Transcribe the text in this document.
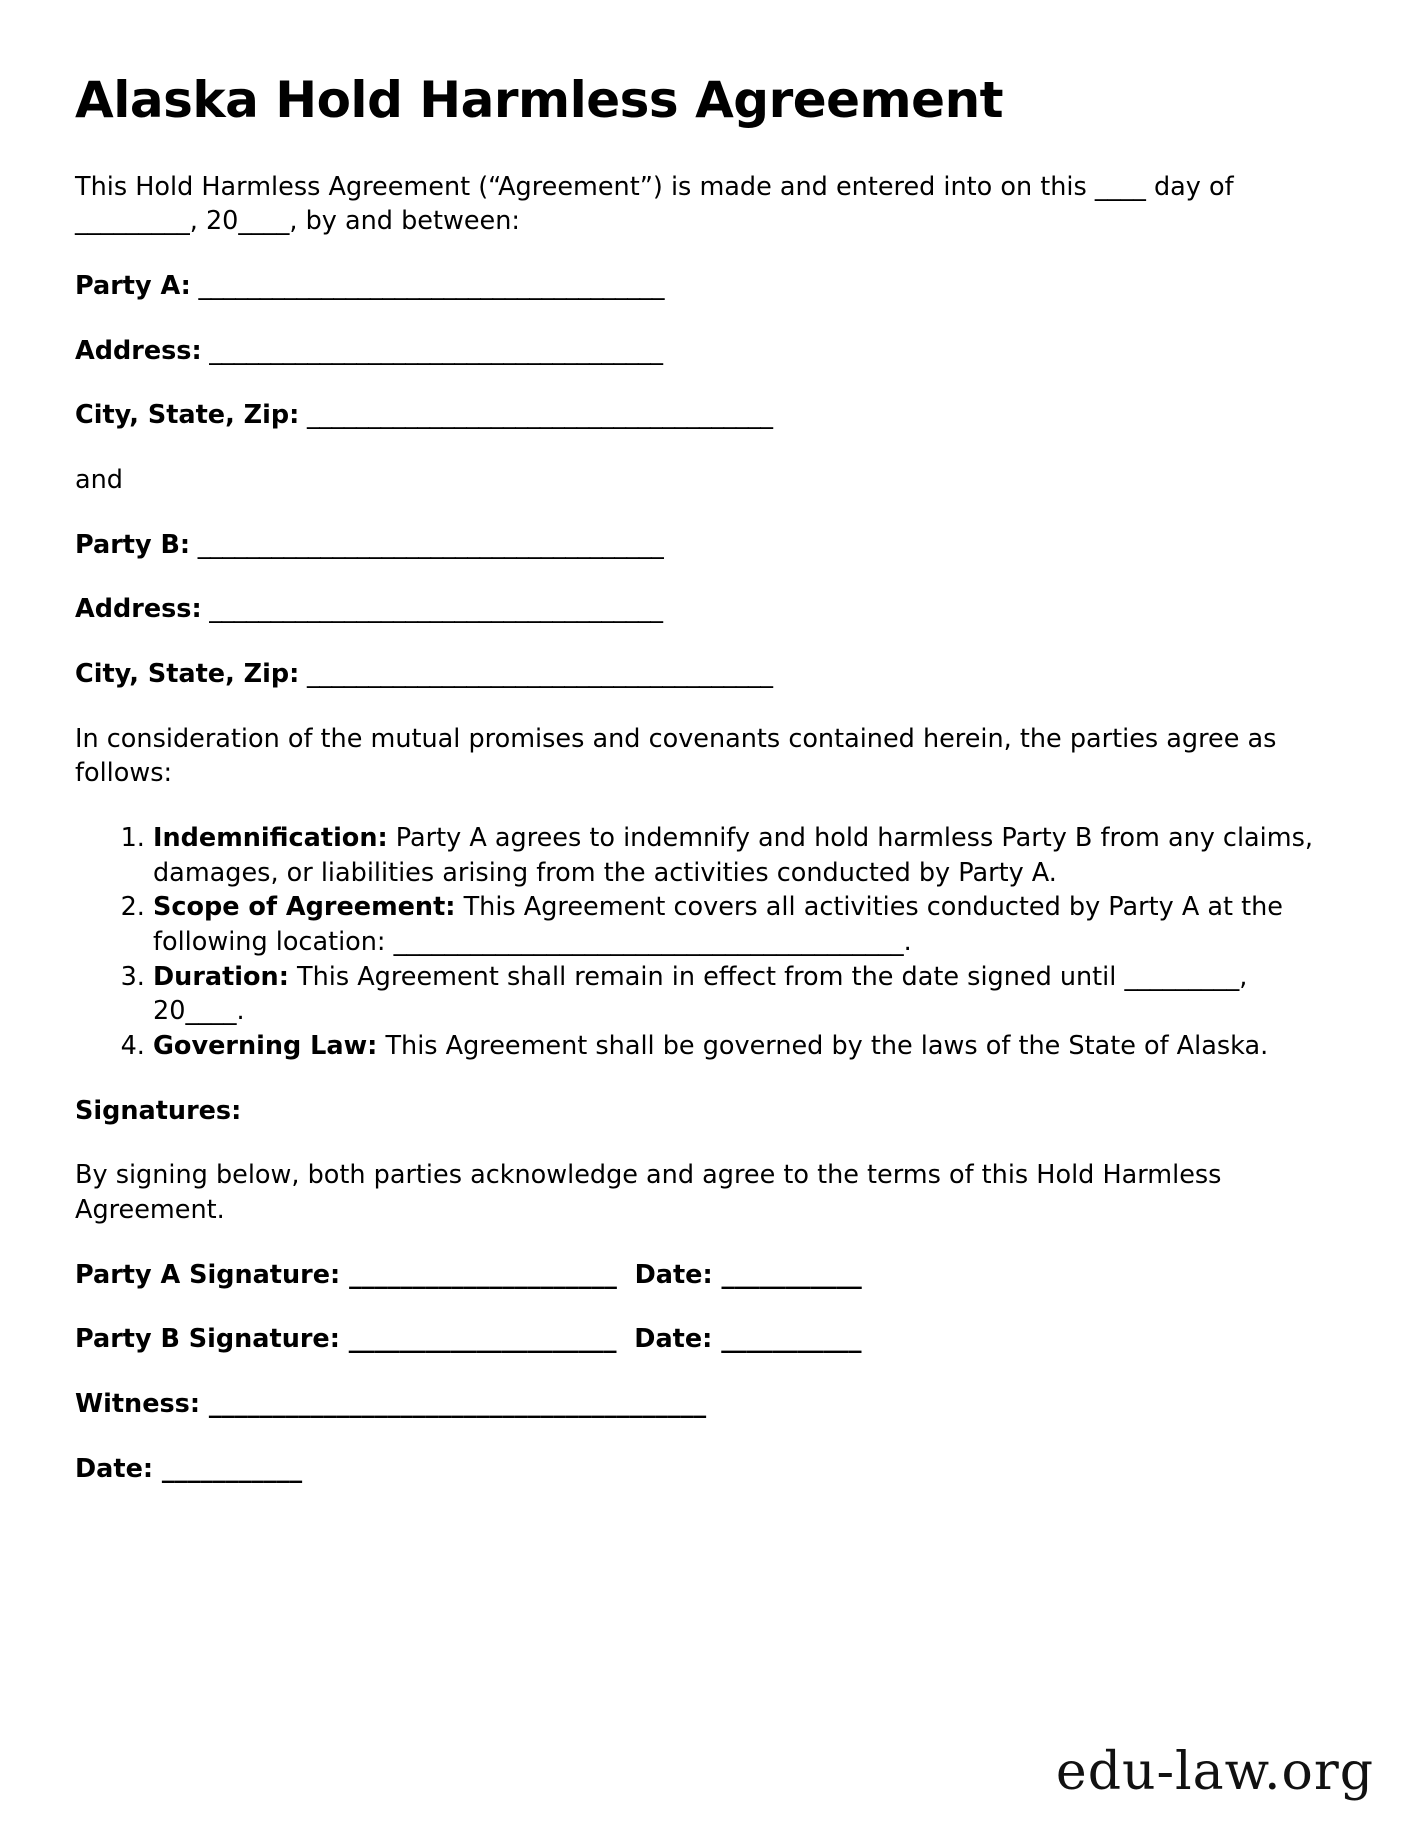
Alaska Hold Harmless Agreement

This Hold Harmless Agreement (“Agreement”) is made and entered into on this ____ day of _________, 20____, by and between:

Party A: ______________________________________

Address: _____________________________________

City, State, Zip: ______________________________________

and

Party B: ______________________________________

Address: _____________________________________

City, State, Zip: ______________________________________

In consideration of the mutual promises and covenants contained herein, the parties agree as follows:

1. Indemnification: Party A agrees to indemnify and hold harmless Party B from any claims, damages, or liabilities arising from the activities conducted by Party A.
2. Scope of Agreement: This Agreement covers all activities conducted by Party A at the following location: ________________________________________.
3. Duration: This Agreement shall remain in effect from the date signed until _________, 20____.
4. Governing Law: This Agreement shall be governed by the laws of the State of Alaska.

Signatures:

By signing below, both parties acknowledge and agree to the terms of this Hold Harmless Agreement.

Party A Signature: _____________________  Date: ___________

Party B Signature: _____________________  Date: ___________

Witness: _______________________________________

Date: ___________

edu-law.org
